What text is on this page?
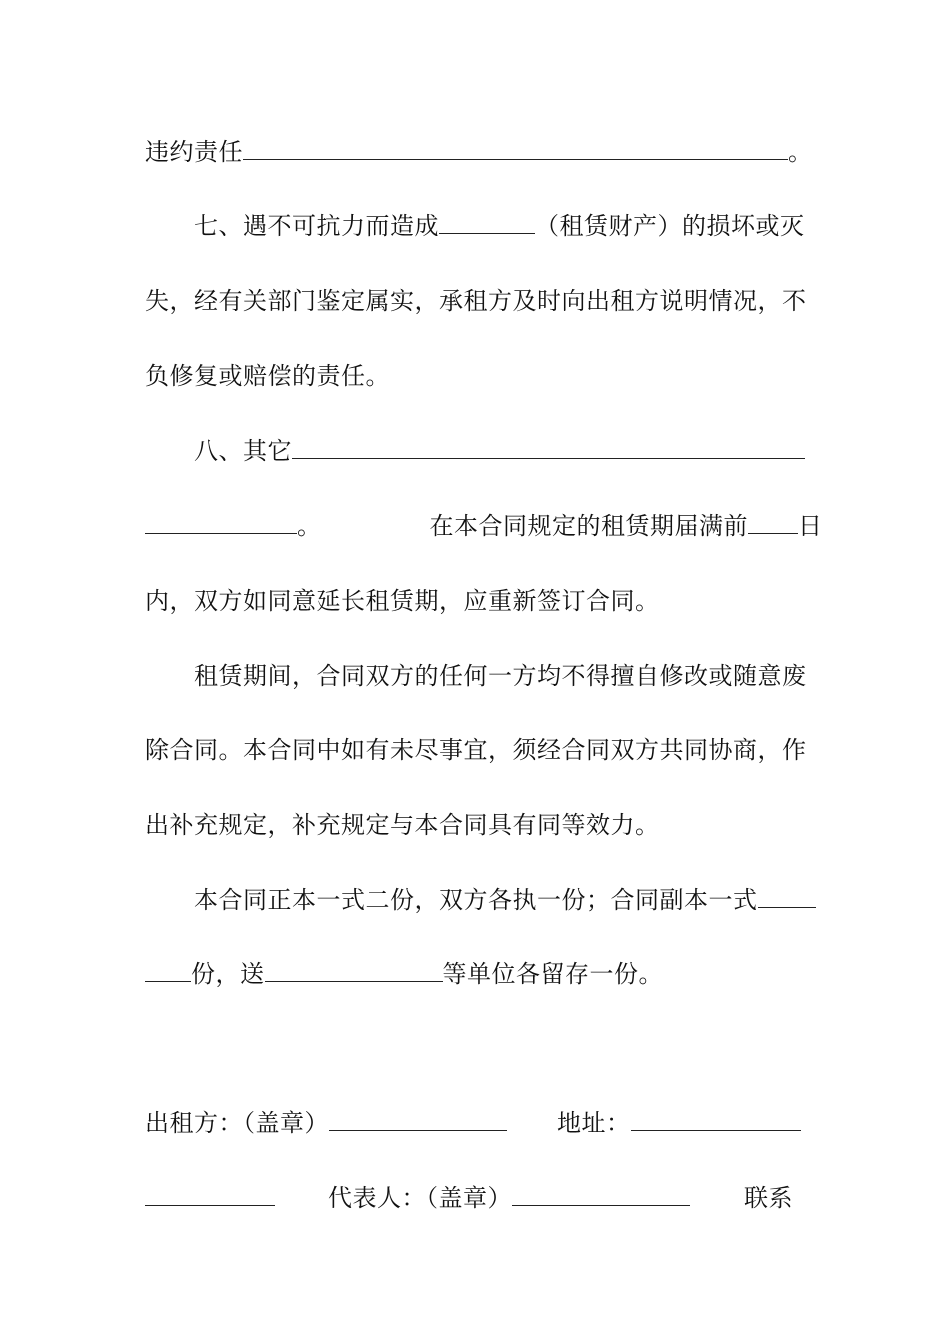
违约责任	。
七、遇不可抗力而造成	（租赁财产）的损坏或灭
失，经有关部门鉴定属实，承租方及时向出租方说明情况，不
负修复或赔偿的责任。
八、其它
。	在本合同规定的租赁期届满前 日
内，双方如同意延长租赁期，应重新签订合同。
租赁期间，合同双方的任何一方均不得擅自修改或随意废
除合同。本合同中如有未尽事宜，须经合同双方共同协商，作
出补充规定，补充规定与本合同具有同等效力。
本合同正本一式二份，双方各执一份；合同副本一式
份，送	等单位各留存一份。
出租方：（盖章）	地址：
代表人：（盖章）	联系
